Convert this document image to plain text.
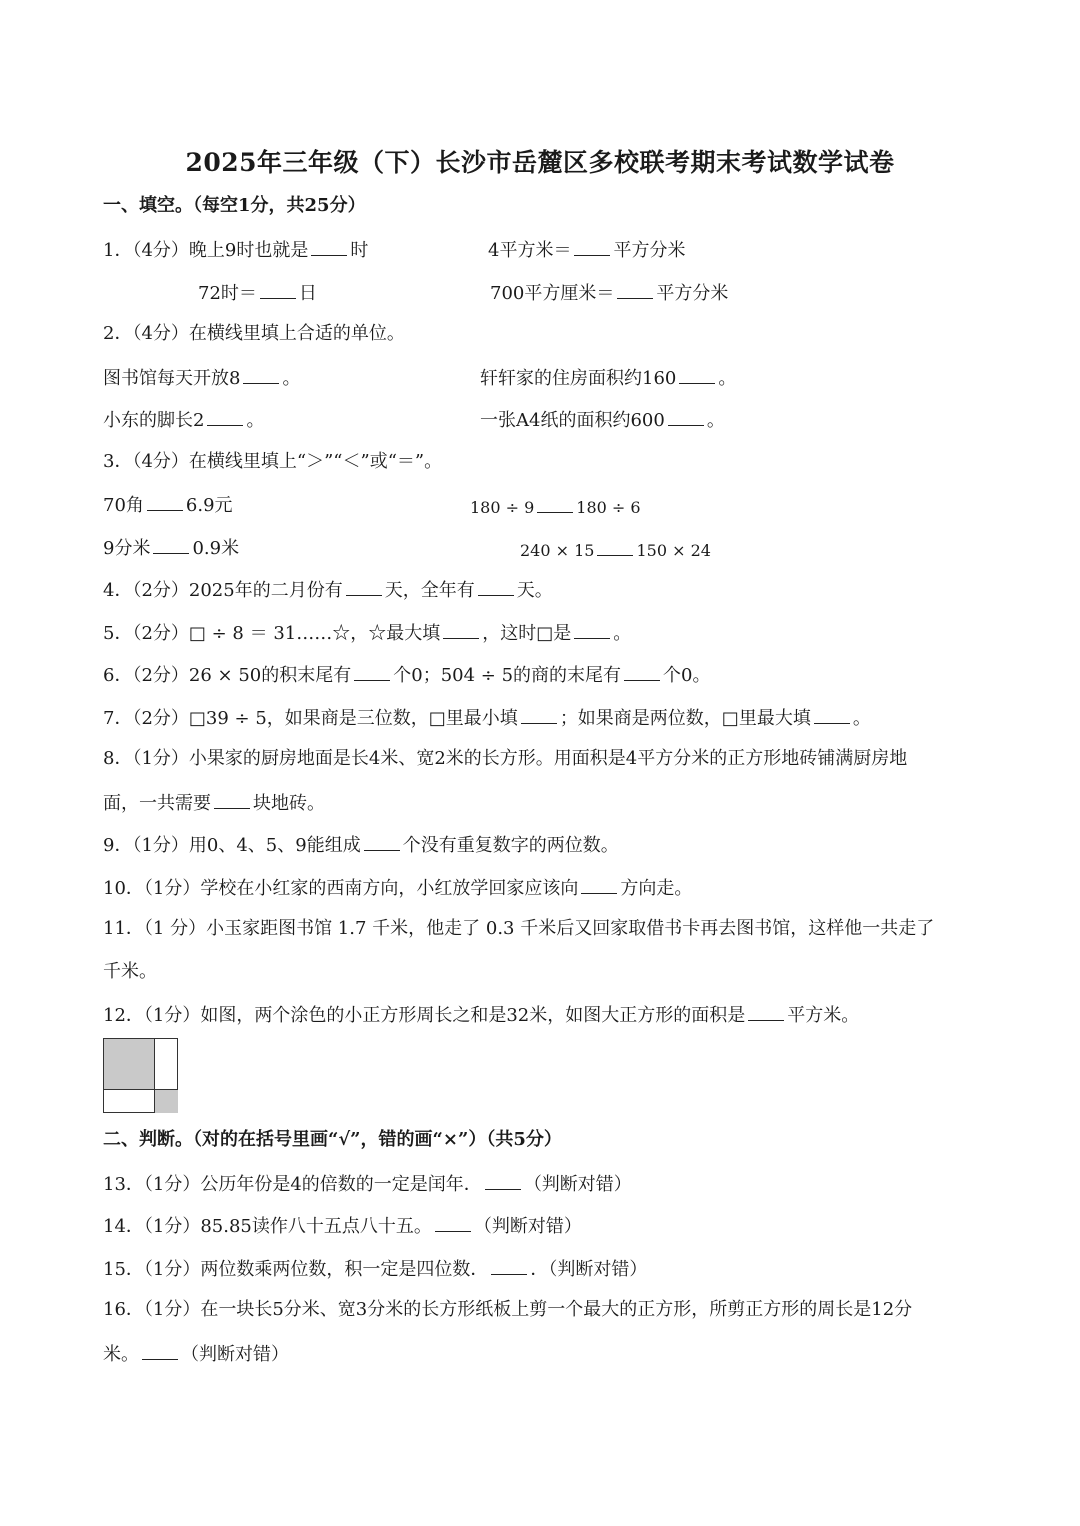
2025年三年级（下）长沙市岳麓区多校联考期末考试数学试卷
一、填空。（每空1分，共25分）
1．（4分）晚上9时也就是 时	4平方米＝ 平方分米
72时＝ 日	700平方厘米＝ 平方分米
2．（4分）在横线里填上合适的单位。
图书馆每天开放8 。	轩轩家的住房面积约160 。
小东的脚长2 。	一张A4纸的面积约600 。
3．（4分）在横线里填上“＞”“＜”或“＝”。
70角 6.9元	180 ÷ 9	180 ÷ 6
9分米 0.9米	240 × 15	150 × 24
4．（2分）2025年的二月份有 天，全年有 天。
5．（2分）□ ÷ 8 ＝ 31……☆，☆最大填 ，这时□是 。
6．（2分）26 × 50的积末尾有 个0；504 ÷ 5的商的末尾有 个0。
7．（2分）□39 ÷ 5，如果商是三位数，□里最小填 ；如果商是两位数，□里最大填 。
8．（1分）小果家的厨房地面是长4米、宽2米的长方形。用面积是4平方分米的正方形地砖铺满厨房地
面，一共需要 块地砖。
9．（1分）用0、4、5、9能组成 个没有重复数字的两位数。
10．（1分）学校在小红家的西南方向，小红放学回家应该向 方向走。
11．（1 分）小玉家距图书馆 1.7 千米，他走了 0.3 千米后又回家取借书卡再去图书馆，这样他一共走了
千米。
12．（1分）如图，两个涂色的小正方形周长之和是32米，如图大正方形的面积是 平方米。
二、判断。（对的在括号里画“√”，错的画“×”）（共5分）
13．（1分）公历年份是4的倍数的一定是闰年． （判断对错）
14．（1分）85.85读作八十五点八十五。 （判断对错）
15．（1分）两位数乘两位数，积一定是四位数． ．（判断对错）
16．（1分）在一块长5分米、宽3分米的长方形纸板上剪一个最大的正方形，所剪正方形的周长是12分
米。 （判断对错）
